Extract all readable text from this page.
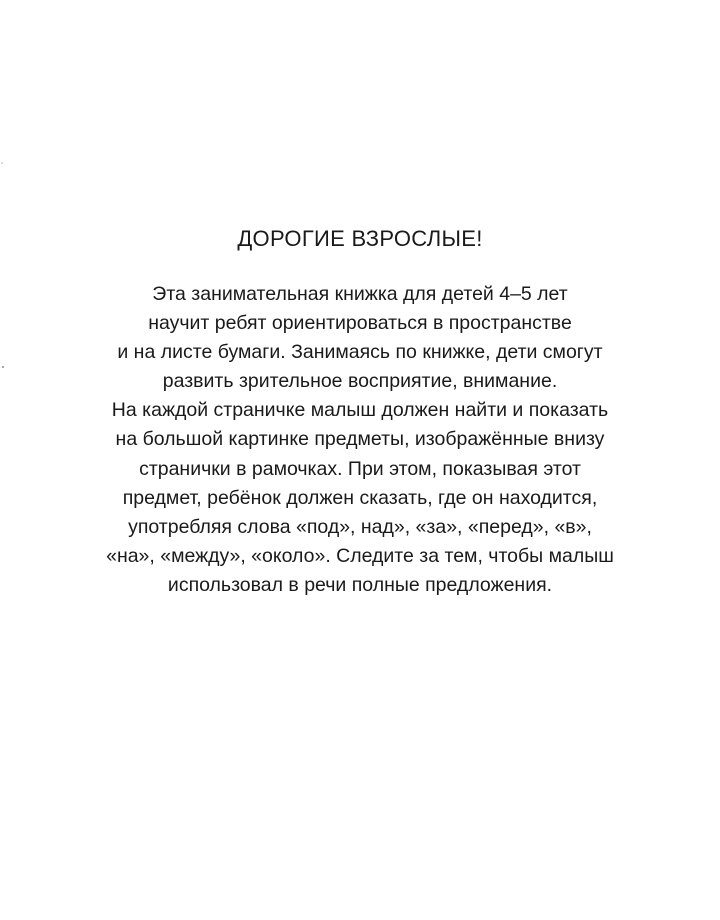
ДОРОГИЕ ВЗРОСЛЫЕ!

Эта занимательная книжка для детей 4–5 лет
научит ребят ориентироваться в пространстве
и на листе бумаги. Занимаясь по книжке, дети смогут
развить зрительное восприятие, внимание.
На каждой страничке малыш должен найти и показать
на большой картинке предметы, изображённые внизу
странички в рамочках. При этом, показывая этот
предмет, ребёнок должен сказать, где он находится,
употребляя слова «под», над», «за», «перед», «в»,
«на», «между», «около». Следите за тем, чтобы малыш
использовал в речи полные предложения.
